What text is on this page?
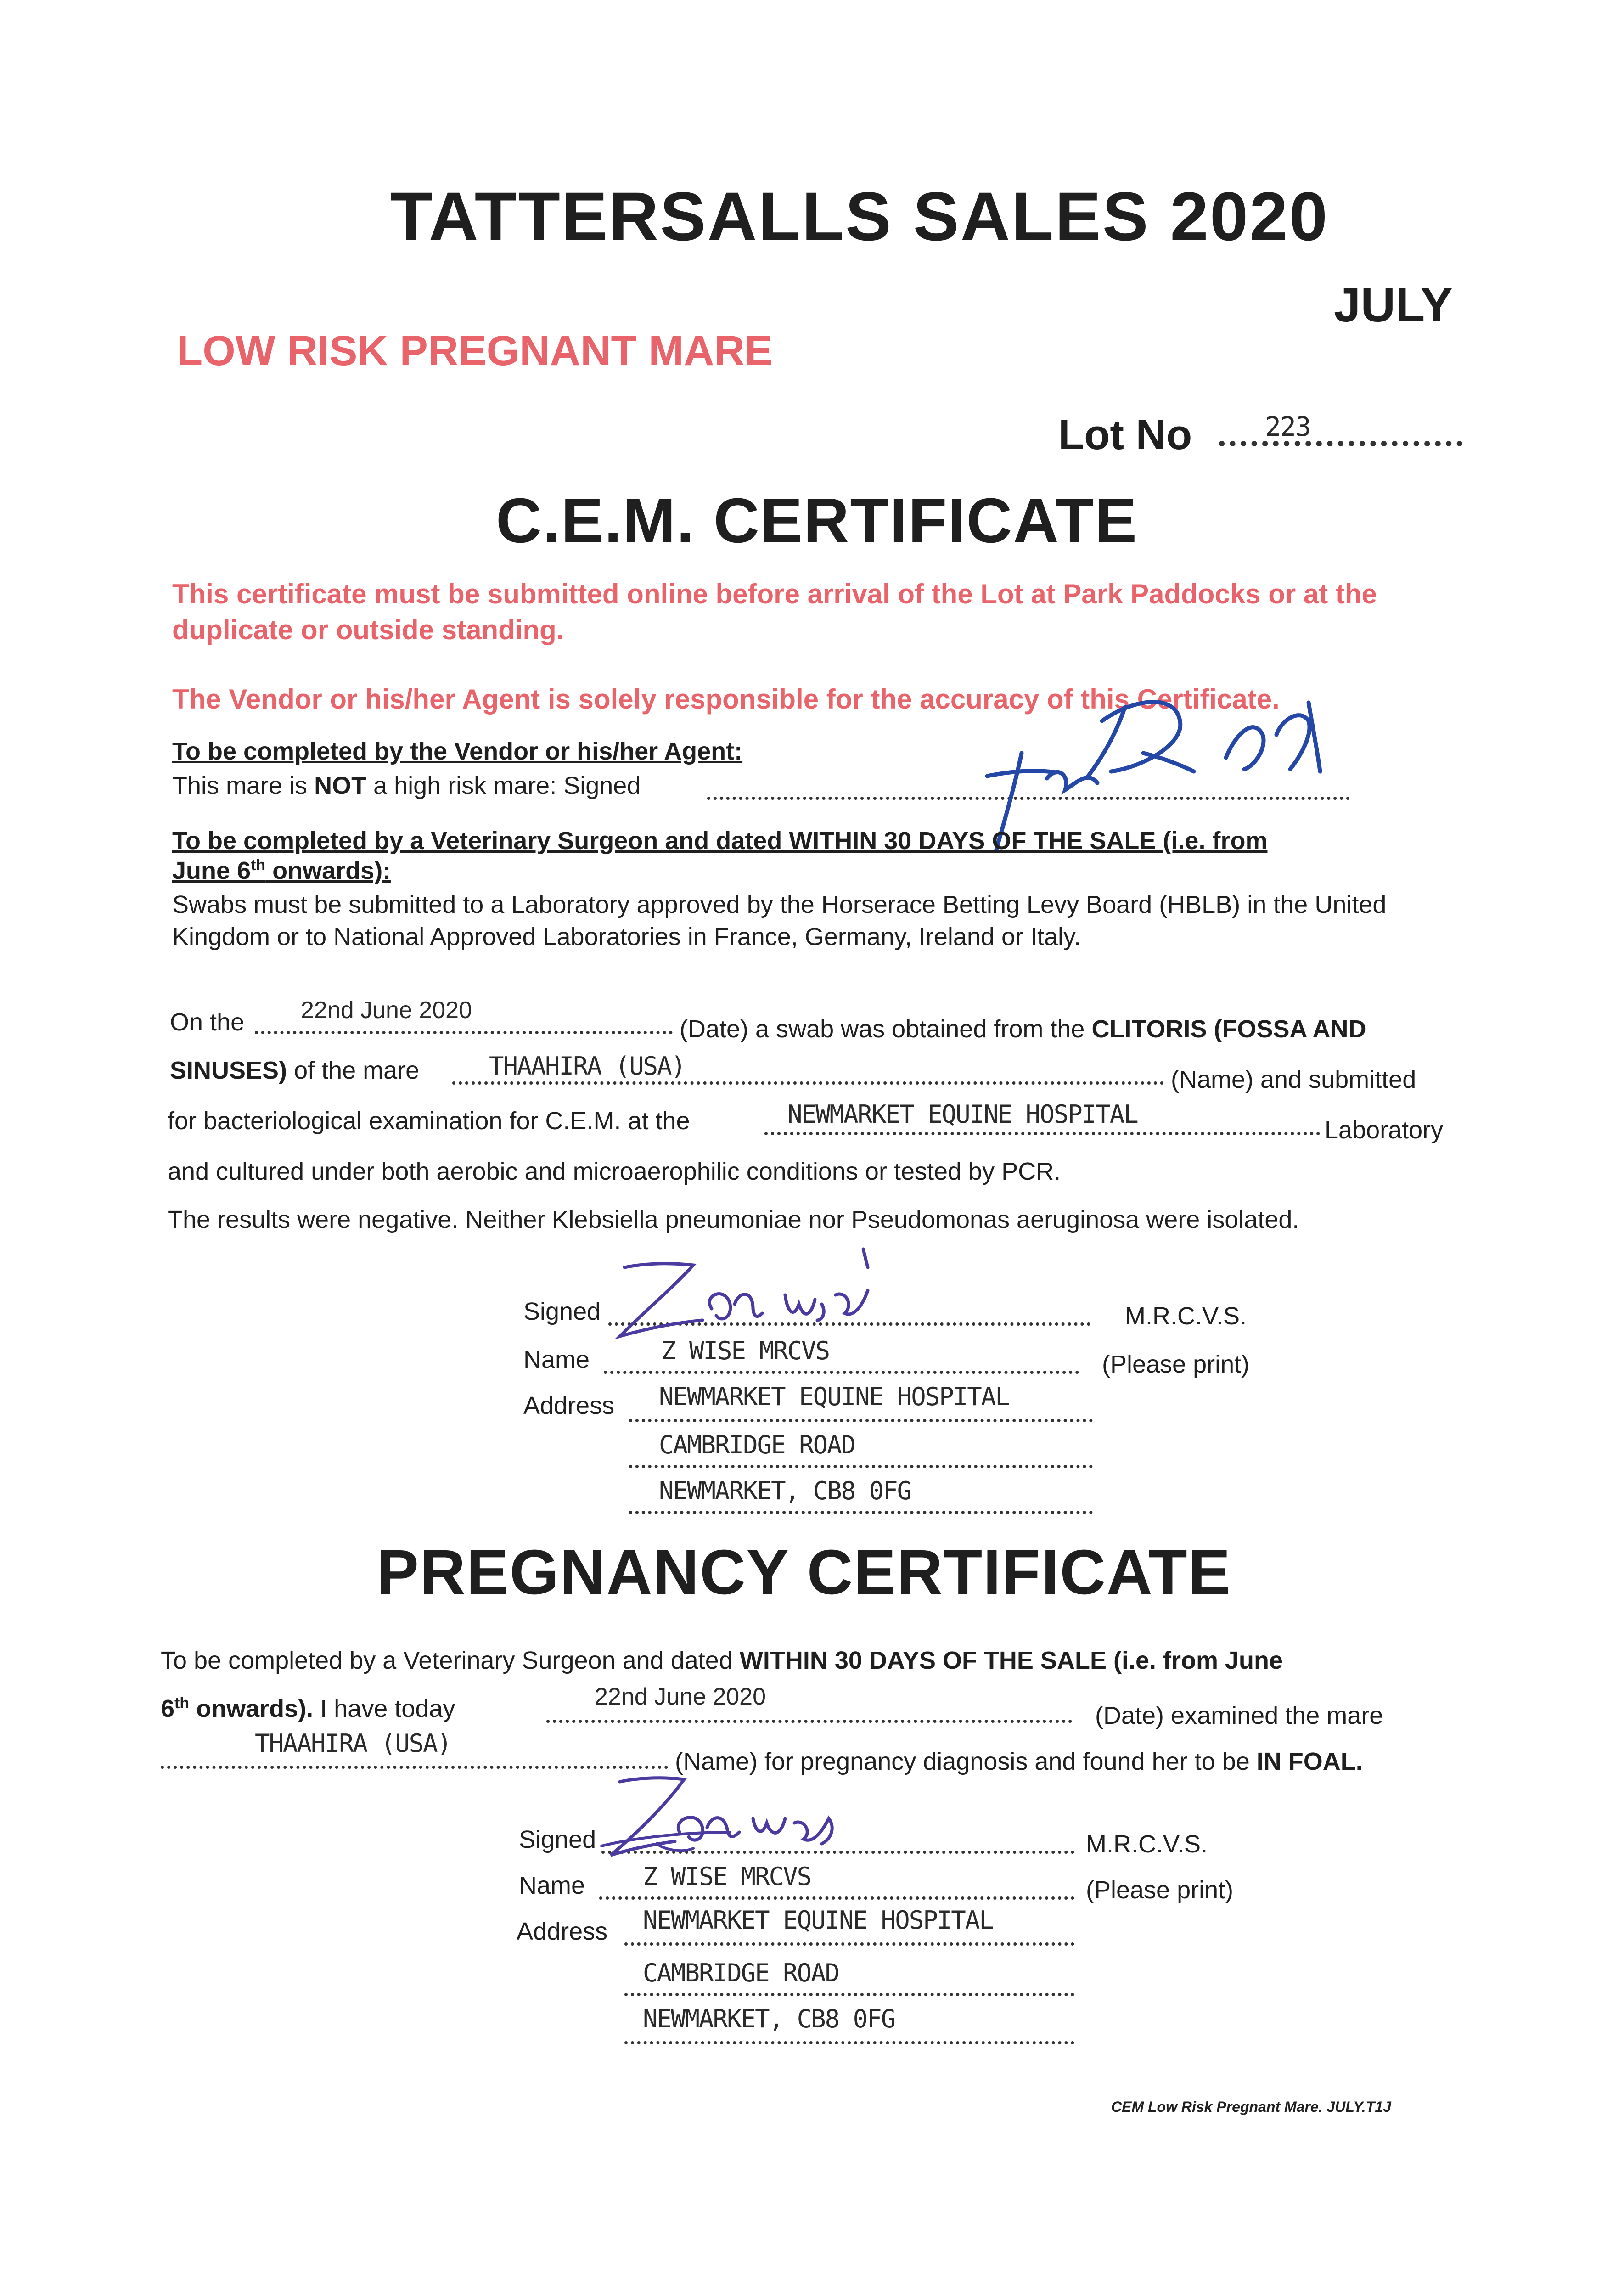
TATTERSALLS SALES 2020
JULY
LOW RISK PREGNANT MARE
Lot No	223
C.E.M. CERTIFICATE
This certificate must be submitted online before arrival of the Lot at Park Paddocks or at the duplicate or outside standing.
The Vendor or his/her Agent is solely responsible for the accuracy of this Certificate.
To be completed by the Vendor or his/her Agent:
This mare is NOT a high risk mare: Signed
To be completed by a Veterinary Surgeon and dated WITHIN 30 DAYS OF THE SALE (i.e. from
June 6th onwards):
Swabs must be submitted to a Laboratory approved by the Horserace Betting Levy Board (HBLB) in the United Kingdom or to National Approved Laboratories in France, Germany, Ireland or Italy.
On the 22nd June 2020
(Date) a swab was obtained from the CLITORIS (FOSSA AND
SINUSES) of the mare	THAAHIRA (USA)	(Name) and submitted
for bacteriological examination for C.E.M. at the	NEWMARKET EQUINE HOSPITAL
Laboratory
and cultured under both aerobic and microaerophilic conditions or tested by PCR.
The results were negative. Neither Klebsiella pneumoniae nor Pseudomonas aeruginosa were isolated.
Signed	M.R.C.V.S.
Name	Z WISE MRCVS	(Please print)
Address NEWMARKET EQUINE HOSPITAL
CAMBRIDGE ROAD
NEWMARKET, CB8 0FG
PREGNANCY CERTIFICATE
To be completed by a Veterinary Surgeon and dated WITHIN 30 DAYS OF THE SALE (i.e. from June
6th onwards). I have today	22nd June 2020
(Date) examined the mare
THAAHIRA (USA)
(Name) for pregnancy diagnosis and found her to be IN FOAL.
Signed	M.R.C.V.S.
Name Z WISE MRCVS	(Please print)
Address NEWMARKET EQUINE HOSPITAL
CAMBRIDGE ROAD
NEWMARKET, CB8 0FG
CEM Low Risk Pregnant Mare. JULY.T1J
